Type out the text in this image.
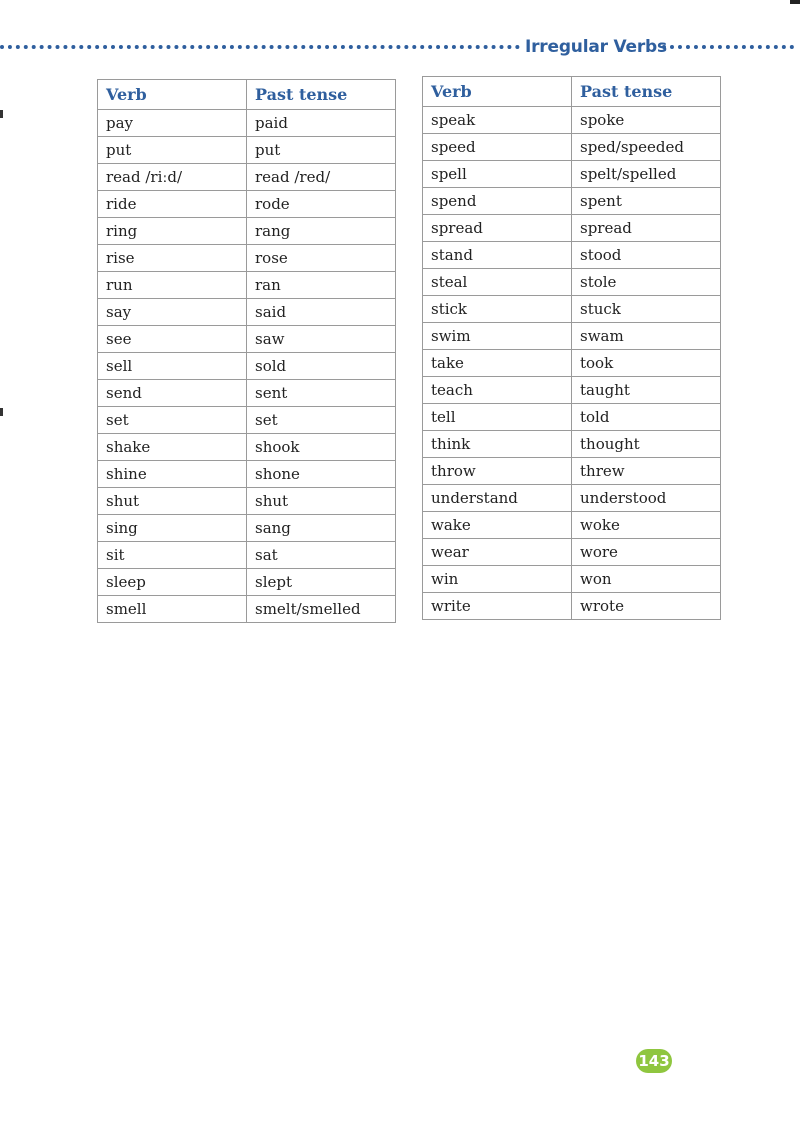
Irregular Verbs
Verb	Past tense
pay	paid
put	put
read /riːd/	read /red/
ride	rode
ring	rang
rise	rose
run	ran
say	said
see	saw
sell	sold
send	sent
set	set
shake	shook
shine	shone
shut	shut
sing	sang
sit	sat
sleep	slept
smell	smelt/smelled
Verb	Past tense
speak	spoke
speed	sped/speeded
spell	spelt/spelled
spend	spent
spread	spread
stand	stood
steal	stole
stick	stuck
swim	swam
take	took
teach	taught
tell	told
think	thought
throw	threw
understand	understood
wake	woke
wear	wore
win	won
write	wrote
143
